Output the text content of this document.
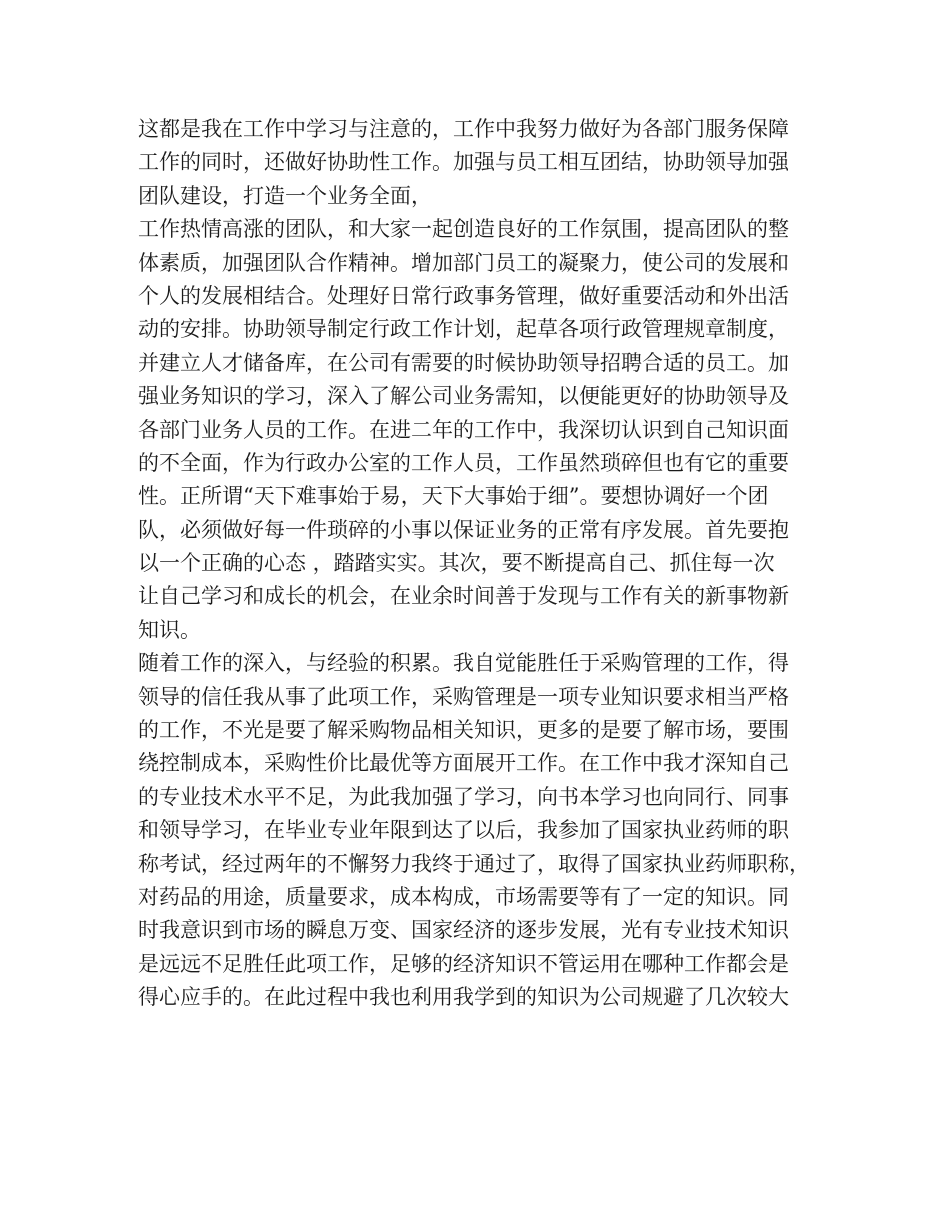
这都是我在工作中学习与注意的，工作中我努力做好为各部门服务保障
工作的同时，还做好协助性工作。加强与员工相互团结，协助领导加强
团队建设，打造一个业务全面，
工作热情高涨的团队，和大家一起创造良好的工作氛围，提高团队的整
体素质，加强团队合作精神。增加部门员工的凝聚力，使公司的发展和
个人的发展相结合。处理好日常行政事务管理，做好重要活动和外出活
动的安排。协助领导制定行政工作计划，起草各项行政管理规章制度，
并建立人才储备库，在公司有需要的时候协助领导招聘合适的员工。加
强业务知识的学习，深入了解公司业务需知，以便能更好的协助领导及
各部门业务人员的工作。在进二年的工作中，我深切认识到自己知识面
的不全面，作为行政办公室的工作人员，工作虽然琐碎但也有它的重要
性。正所谓“天下难事始于易，天下大事始于细”。要想协调好一个团
队，必须做好每一件琐碎的小事以保证业务的正常有序发展。首先要抱
以一个正确的心态 ，踏踏实实。其次，要不断提高自己、抓住每一次
让自己学习和成长的机会，在业余时间善于发现与工作有关的新事物新
知识。
随着工作的深入，与经验的积累。我自觉能胜任于采购管理的工作，得
领导的信任我从事了此项工作，采购管理是一项专业知识要求相当严格
的工作，不光是要了解采购物品相关知识，更多的是要了解市场，要围
绕控制成本，采购性价比最优等方面展开工作。在工作中我才深知自己
的专业技术水平不足，为此我加强了学习，向书本学习也向同行、同事
和领导学习，在毕业专业年限到达了以后，我参加了国家执业药师的职
称考试，经过两年的不懈努力我终于通过了，取得了国家执业药师职称，
对药品的用途，质量要求，成本构成，市场需要等有了一定的知识。同
时我意识到市场的瞬息万变、国家经济的逐步发展，光有专业技术知识
是远远不足胜任此项工作，足够的经济知识不管运用在哪种工作都会是
得心应手的。在此过程中我也利用我学到的知识为公司规避了几次较大
